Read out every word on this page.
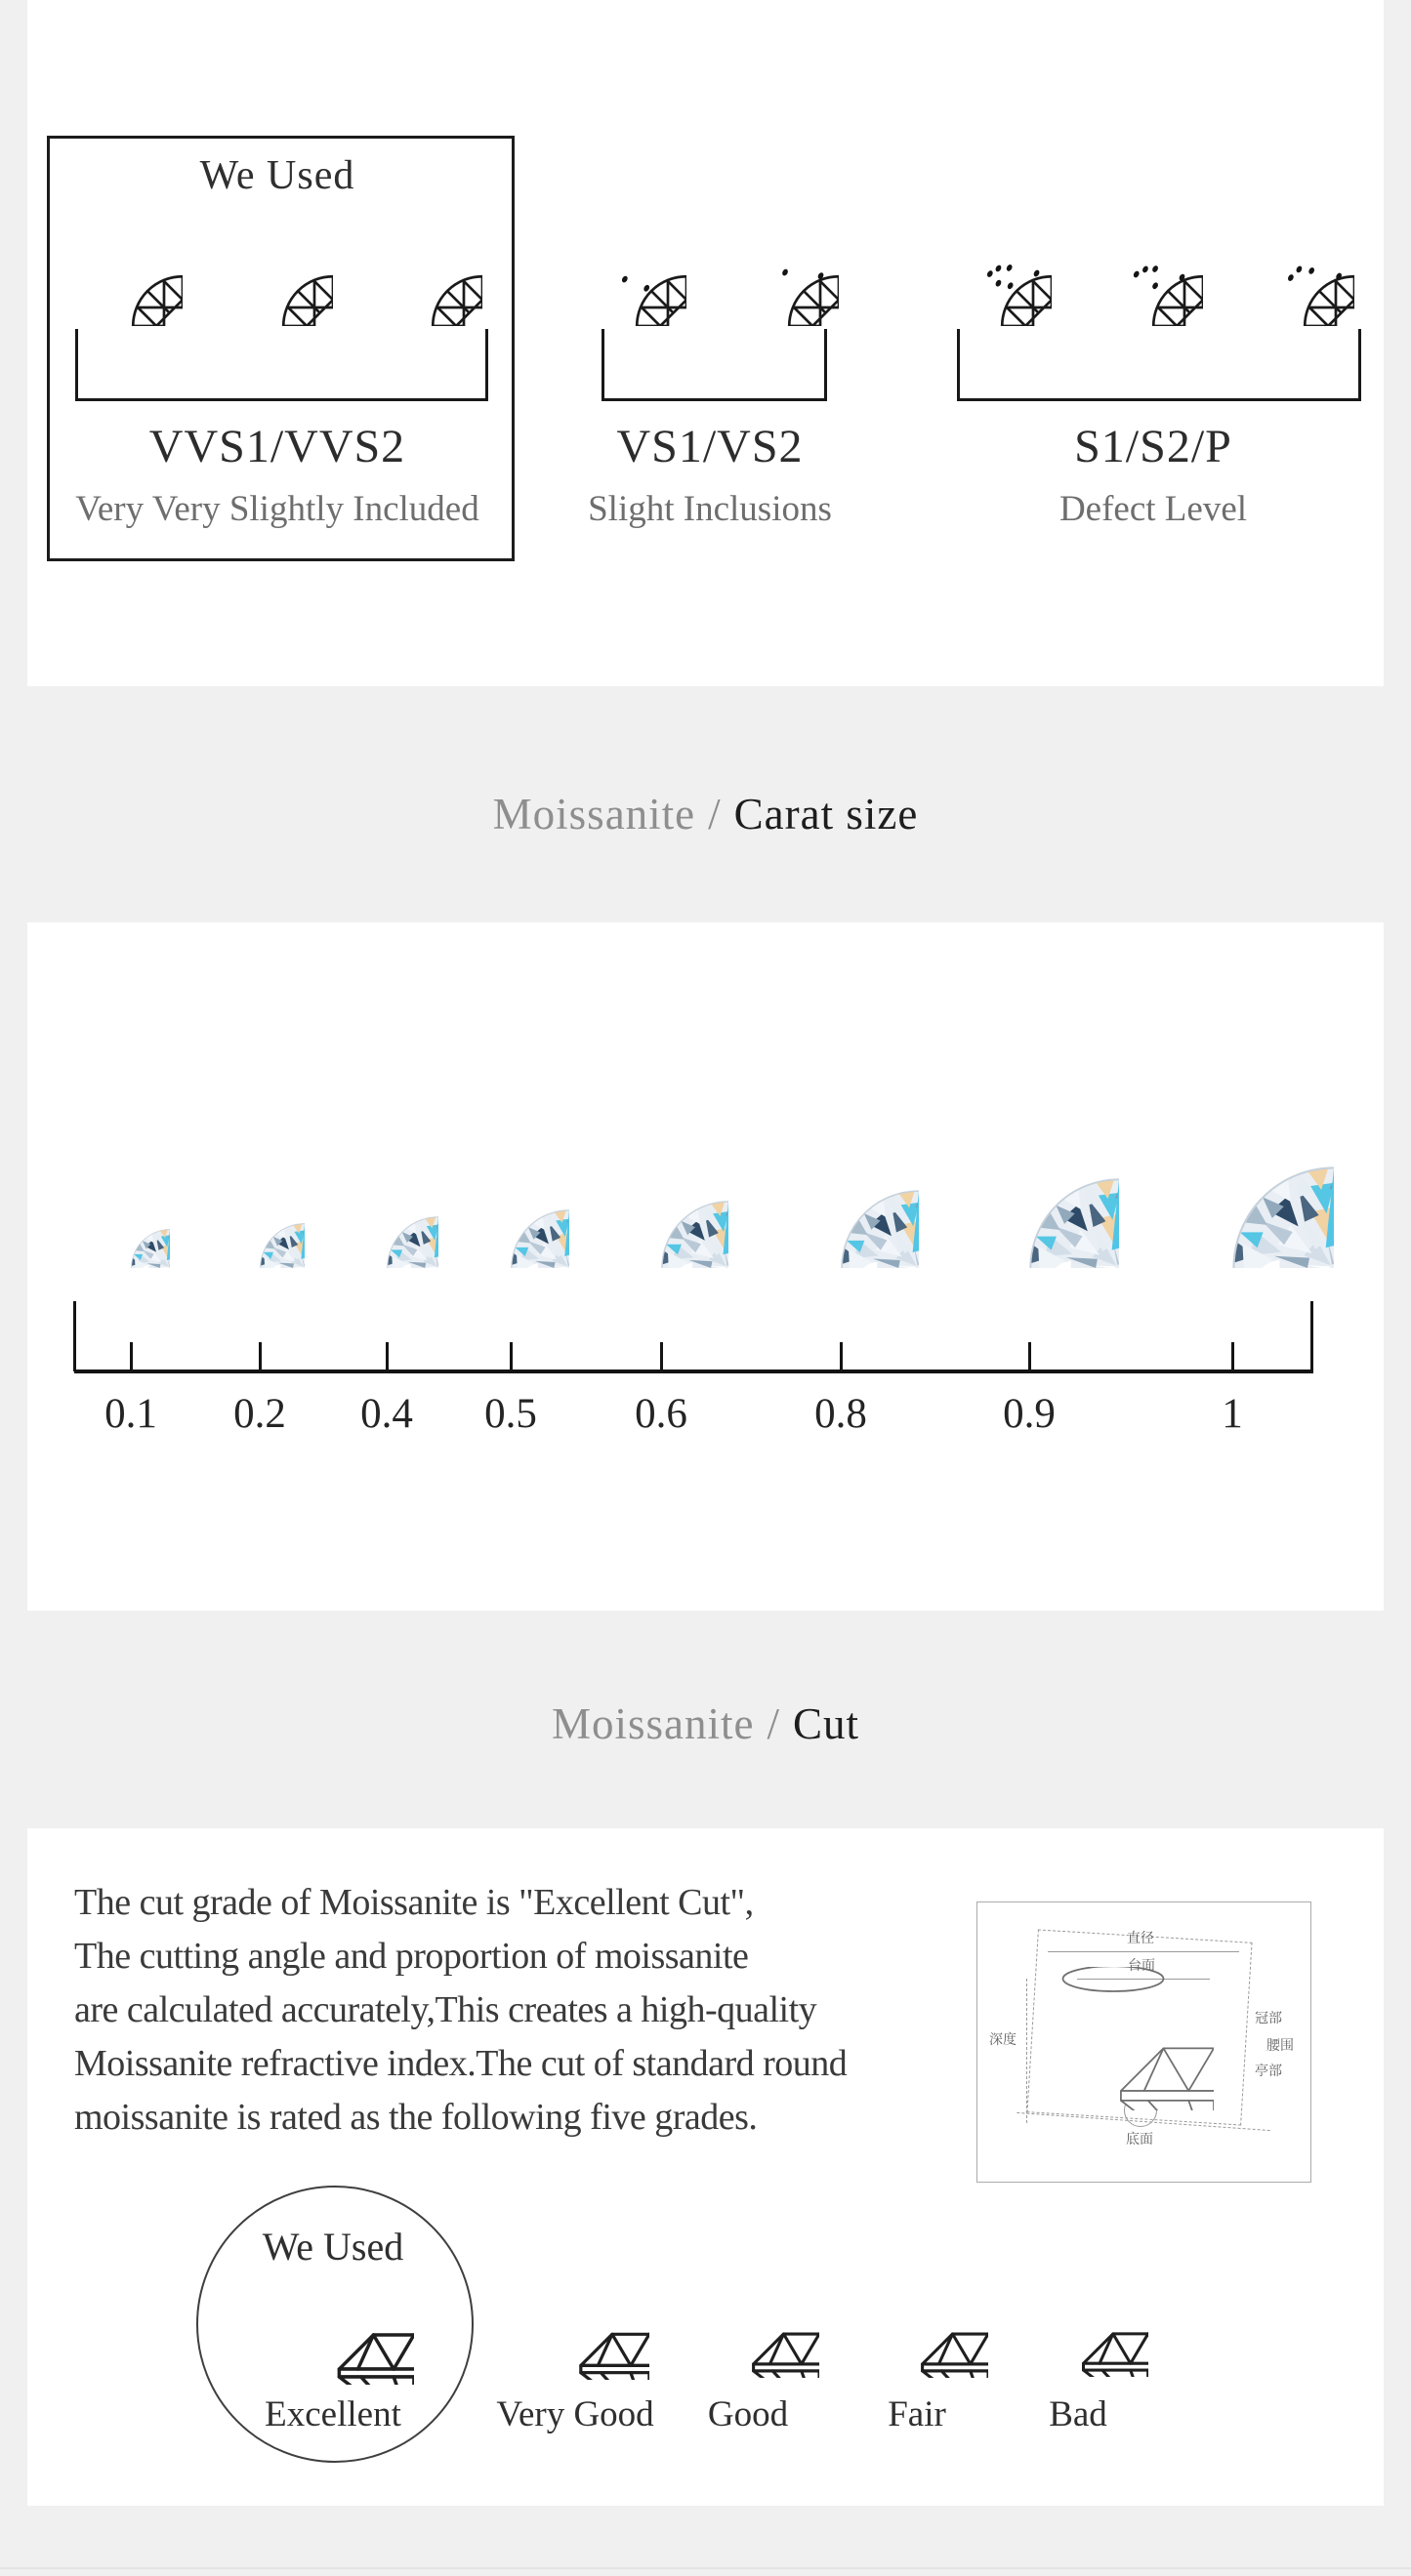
We Used
VVS1/VVS2
Very Very Slightly Included
VS1/VS2
Slight Inclusions
S1/S2/P
Defect Level
Moissanite / Carat size
Moissanite / Cut
The cut grade of Moissanite is "Excellent Cut",
The cutting angle and proportion of moissanite
are calculated accurately,This creates a high-quality
Moissanite refractive index.The cut of standard round
moissanite is rated as the following five grades.
直径
台面
冠部
腰围
亭部
深度
底面
We Used
0.1	0.2	0.4	0.5	0.6	0.8	0.9	1
Excellent	Very Good	Good	Fair	Bad
